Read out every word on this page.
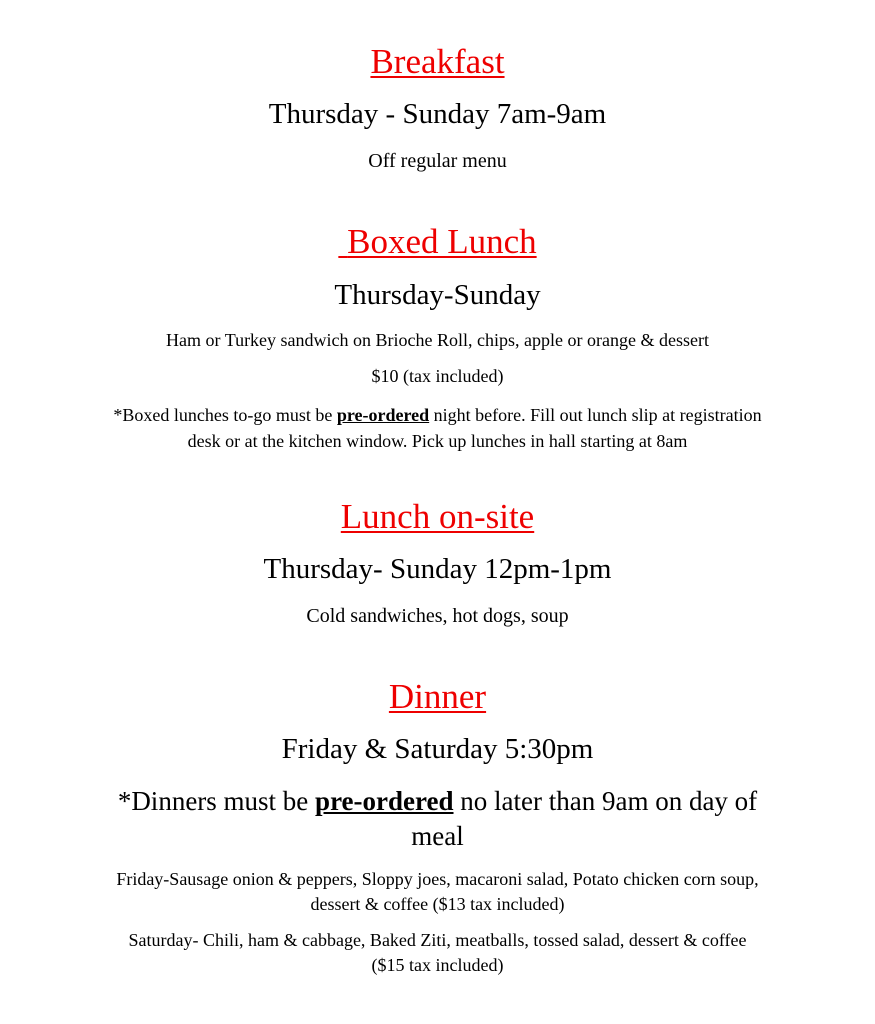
Breakfast
Thursday - Sunday 7am-9am
Off regular menu
Boxed Lunch
Thursday-Sunday
Ham or Turkey sandwich on Brioche Roll, chips, apple or orange & dessert
$10 (tax included)
*Boxed lunches to-go must be pre-ordered night before. Fill out lunch slip at registration desk or at the kitchen window. Pick up lunches in hall starting at 8am
Lunch on-site
Thursday- Sunday 12pm-1pm
Cold sandwiches, hot dogs, soup
Dinner
Friday & Saturday 5:30pm
*Dinners must be pre-ordered no later than 9am on day of meal
Friday-Sausage onion & peppers, Sloppy joes, macaroni salad, Potato chicken corn soup, dessert & coffee ($13 tax included)
Saturday- Chili, ham & cabbage, Baked Ziti, meatballs, tossed salad, dessert & coffee ($15 tax included)
